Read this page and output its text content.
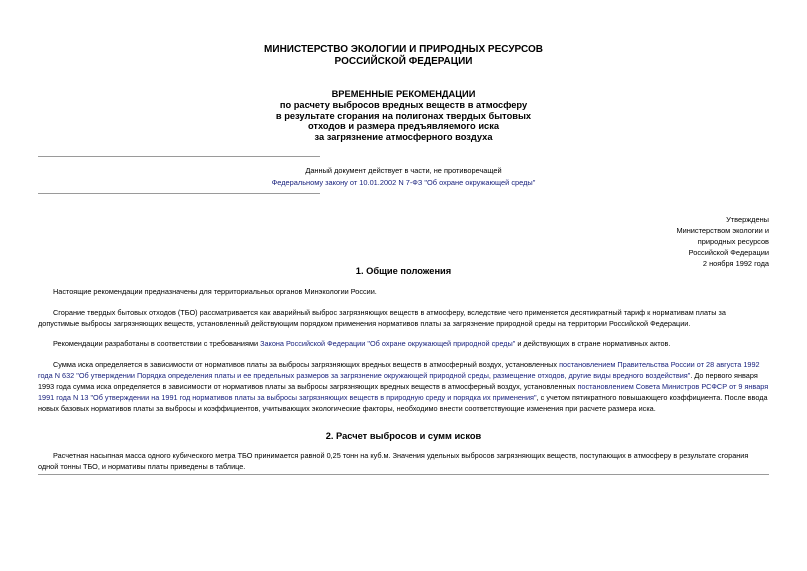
МИНИСТЕРСТВО ЭКОЛОГИИ И ПРИРОДНЫХ РЕСУРСОВ
РОССИЙСКОЙ ФЕДЕРАЦИИ
ВРЕМЕННЫЕ РЕКОМЕНДАЦИИ
по расчету выбросов вредных веществ в атмосферу
в результате сгорания на полигонах твердых бытовых
отходов и размера предъявляемого иска
за загрязнение атмосферного воздуха
Данный документ действует в части, не противоречащей
Федеральному закону от 10.01.2002 N 7-ФЗ "Об охране окружающей среды"
Утверждены
Министерством экологии и
природных ресурсов
Российской Федерации
2 ноября 1992 года
1. Общие положения
Настоящие рекомендации предназначены для территориальных органов Минэкологии России.
Сгорание твердых бытовых отходов (ТБО) рассматривается как аварийный выброс загрязняющих веществ в атмосферу, вследствие чего применяется десятикратный тариф к нормативам платы за допустимые выбросы загрязняющих веществ, установленный действующим порядком применения нормативов платы за загрязнение природной среды на территории Российской Федерации.
Рекомендации разработаны в соответствии с требованиями Закона Российской Федерации "Об охране окружающей природной среды" и действующих в стране нормативных актов.
Сумма иска определяется в зависимости от нормативов платы за выбросы загрязняющих вредных веществ в атмосферный воздух, установленных постановлением Правительства России от 28 августа 1992 года N 632 "Об утверждении Порядка определения платы и ее предельных размеров за загрязнение окружающей природной среды, размещение отходов, другие виды вредного воздействия". До первого января 1993 года сумма иска определяется в зависимости от нормативов платы за выбросы загрязняющих вредных веществ в атмосферный воздух, установленных постановлением Совета Министров РСФСР от 9 января 1991 года N 13 "Об утверждении на 1991 год нормативов платы за выбросы загрязняющих веществ в природную среду и порядка их применения", с учетом пятикратного повышающего коэффициента. После ввода новых базовых нормативов платы за выбросы и коэффициентов, учитывающих экологические факторы, необходимо внести соответствующие изменения при расчете размера иска.
2. Расчет выбросов и сумм исков
Расчетная насыпная масса одного кубического метра ТБО принимается равной 0,25 тонн на куб.м. Значения удельных выбросов загрязняющих веществ, поступающих в атмосферу в результате сгорания одной тонны ТБО, и нормативы платы приведены в таблице.
